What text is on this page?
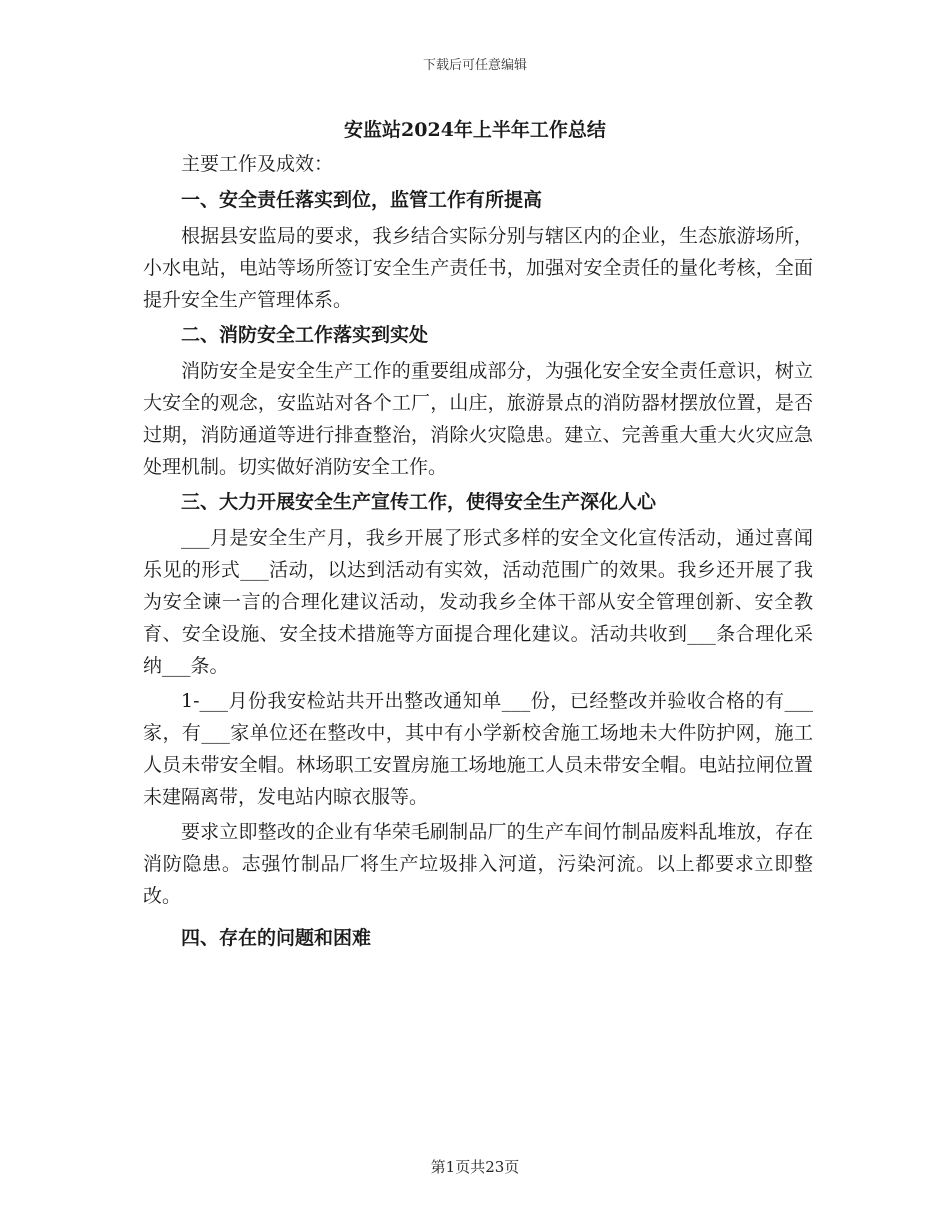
下载后可任意编辑
安监站2024年上半年工作总结

主要工作及成效：

一、安全责任落实到位，监管工作有所提高

根据县安监局的要求，我乡结合实际分别与辖区内的企业，生态旅游场所，小水电站，电站等场所签订安全生产责任书，加强对安全责任的量化考核，全面提升安全生产管理体系。

二、消防安全工作落实到实处

消防安全是安全生产工作的重要组成部分，为强化安全安全责任意识，树立大安全的观念，安监站对各个工厂，山庄，旅游景点的消防器材摆放位置，是否过期，消防通道等进行排查整治，消除火灾隐患。建立、完善重大重大火灾应急处理机制。切实做好消防安全工作。

三、大力开展安全生产宣传工作，使得安全生产深化人心

___月是安全生产月，我乡开展了形式多样的安全文化宣传活动，通过喜闻乐见的形式___活动，以达到活动有实效，活动范围广的效果。我乡还开展了我为安全谏一言的合理化建议活动，发动我乡全体干部从安全管理创新、安全教育、安全设施、安全技术措施等方面提合理化建议。活动共收到___条合理化采纳___条。

1-___月份我安检站共开出整改通知单___份，已经整改并验收合格的有___家，有___家单位还在整改中，其中有小学新校舍施工场地未大件防护网，施工人员未带安全帽。林场职工安置房施工场地施工人员未带安全帽。电站拉闸位置未建隔离带，发电站内晾衣服等。

要求立即整改的企业有华荣毛刷制品厂的生产车间竹制品废料乱堆放，存在消防隐患。志强竹制品厂将生产垃圾排入河道，污染河流。以上都要求立即整改。

四、存在的问题和困难

第1页共23页
